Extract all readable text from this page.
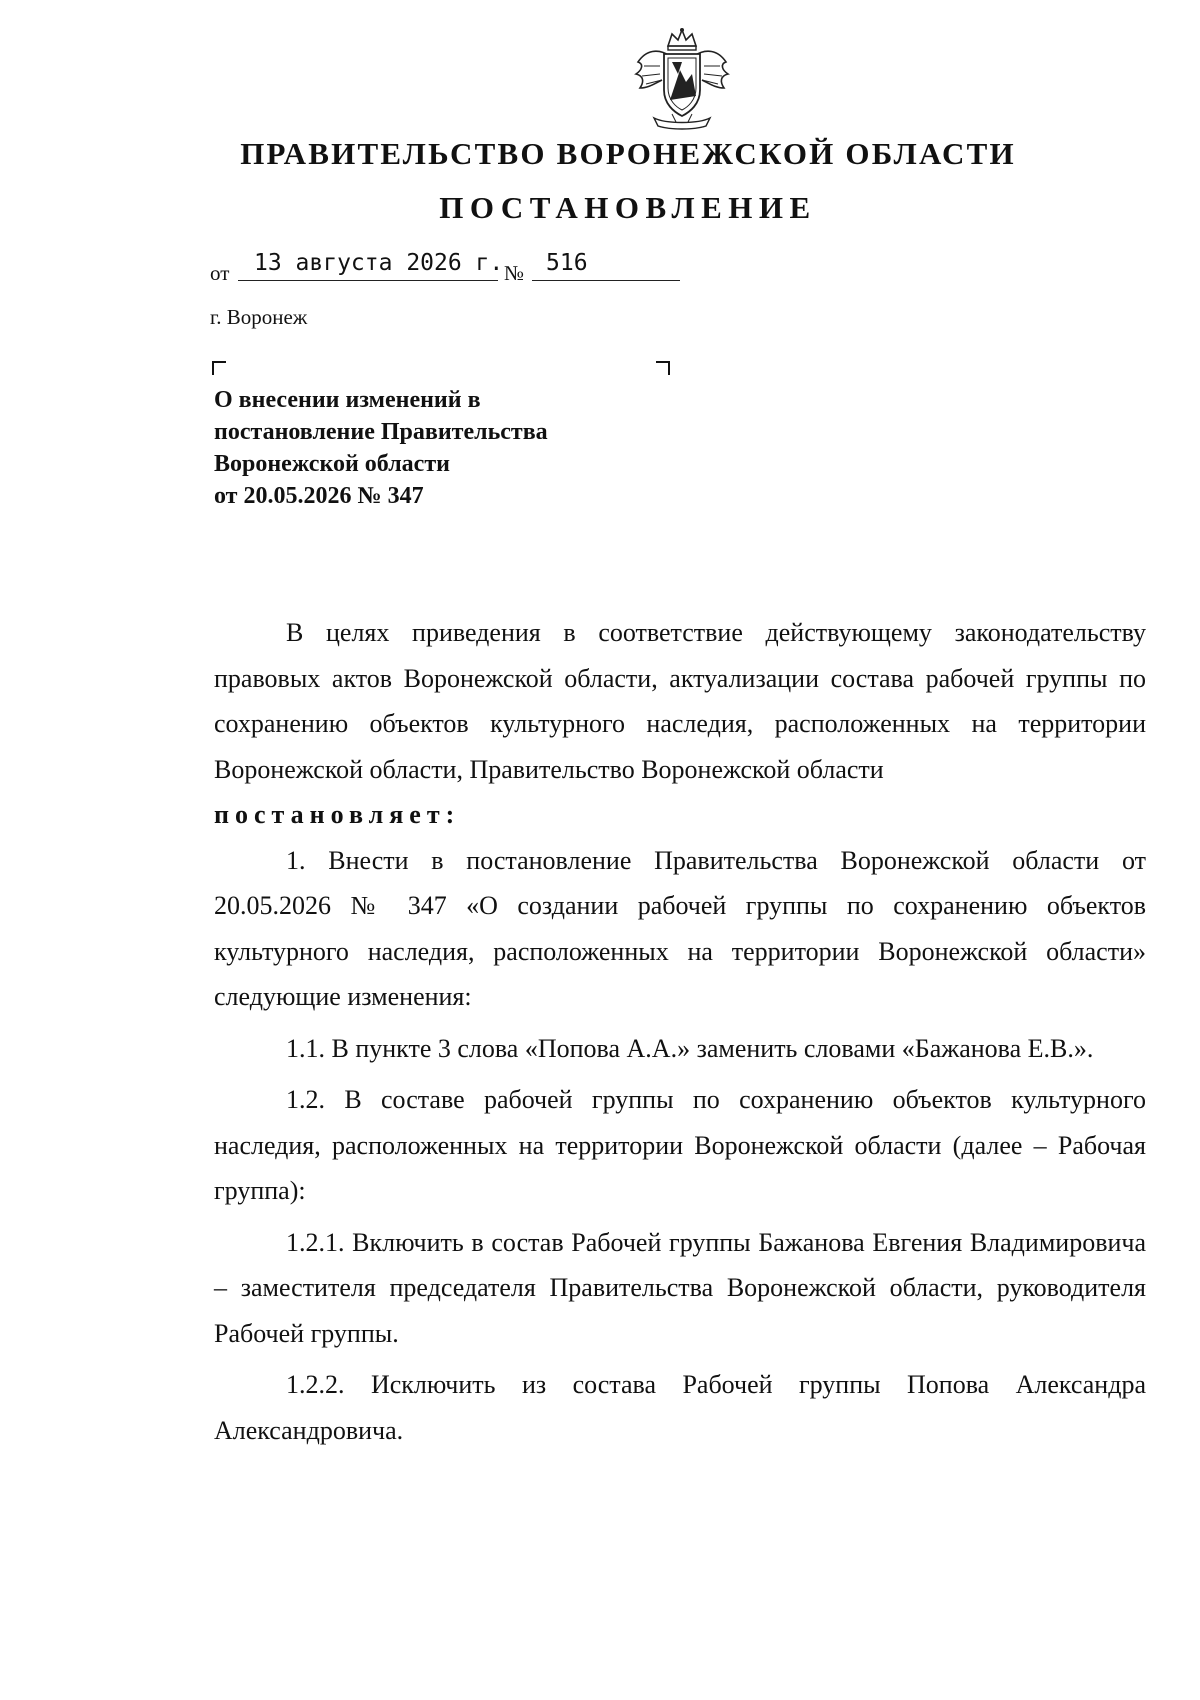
ПРАВИТЕЛЬСТВО ВОРОНЕЖСКОЙ ОБЛАСТИ
ПОСТАНОВЛЕНИЕ
от 13 августа 2026 г. № 516
г. Воронеж
О внесении изменений в
постановление Правительства
Воронежской области
от 20.05.2026 № 347

В целях приведения в соответствие действующему законодательству правовых актов Воронежской области, актуализации состава рабочей группы по сохранению объектов культурного наследия, расположенных на территории Воронежской области, Правительство Воронежской области

постановляет:

1. Внести в постановление Правительства Воронежской области от 20.05.2026 № 347 «О создании рабочей группы по сохранению объектов культурного наследия, расположенных на территории Воронежской области» следующие изменения:

1.1. В пункте 3 слова «Попова А.А.» заменить словами «Бажанова Е.В.».

1.2. В составе рабочей группы по сохранению объектов культурного наследия, расположенных на территории Воронежской области (далее – Рабочая группа):

1.2.1. Включить в состав Рабочей группы Бажанова Евгения Владимировича – заместителя председателя Правительства Воронежской области, руководителя Рабочей группы.

1.2.2. Исключить из состава Рабочей группы Попова Александра Александровича.
